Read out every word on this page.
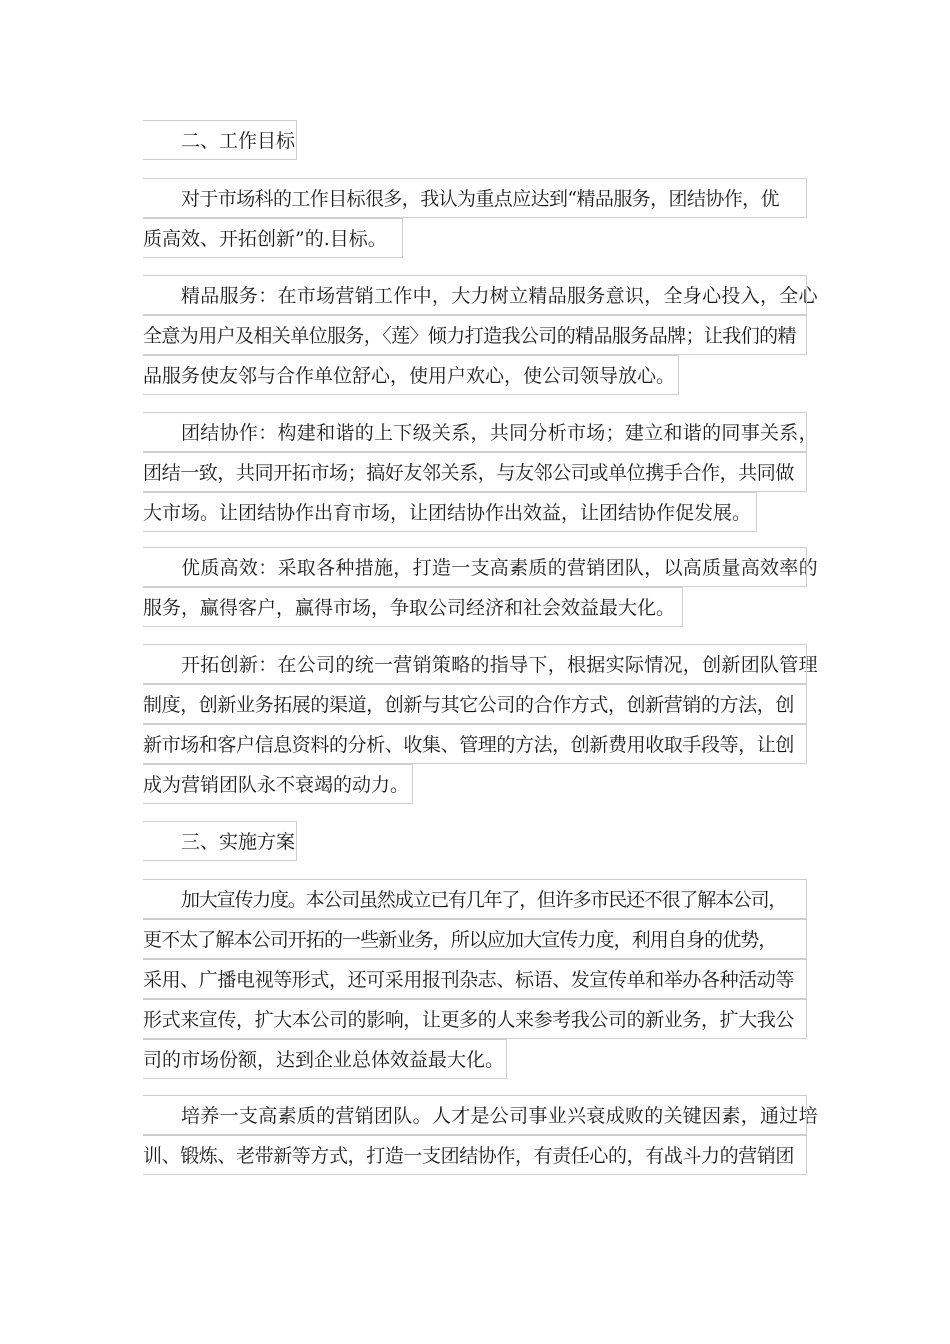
二、工作目标
对于市场科的工作目标很多，我认为重点应达到“精品服务，团结协作，优
质高效、开拓创新”的.目标。
精品服务：在市场营销工作中，大力树立精品服务意识，全身心投入，全心
全意为用户及相关单位服务，〈莲〉倾力打造我公司的精品服务品牌；让我们的精
品服务使友邻与合作单位舒心，使用户欢心，使公司领导放心。
团结协作：构建和谐的上下级关系，共同分析市场；建立和谐的同事关系，
团结一致，共同开拓市场；搞好友邻关系，与友邻公司或单位携手合作，共同做
大市场。让团结协作出育市场，让团结协作出效益，让团结协作促发展。
优质高效：采取各种措施，打造一支高素质的营销团队，以高质量高效率的
服务，赢得客户，赢得市场，争取公司经济和社会效益最大化。
开拓创新：在公司的统一营销策略的指导下，根据实际情况，创新团队管理
制度，创新业务拓展的渠道，创新与其它公司的合作方式，创新营销的方法，创
新市场和客户信息资料的分析、收集、管理的方法，创新费用收取手段等，让创
成为营销团队永不衰竭的动力。
三、实施方案
加大宣传力度。本公司虽然成立已有几年了，但许多市民还不很了解本公司，
更不太了解本公司开拓的一些新业务，所以应加大宣传力度，利用自身的优势，
采用、广播电视等形式，还可采用报刊杂志、标语、发宣传单和举办各种活动等
形式来宣传，扩大本公司的影响，让更多的人来参考我公司的新业务，扩大我公
司的市场份额，达到企业总体效益最大化。
培养一支高素质的营销团队。人才是公司事业兴衰成败的关键因素，通过培
训、锻炼、老带新等方式，打造一支团结协作，有责任心的，有战斗力的营销团
